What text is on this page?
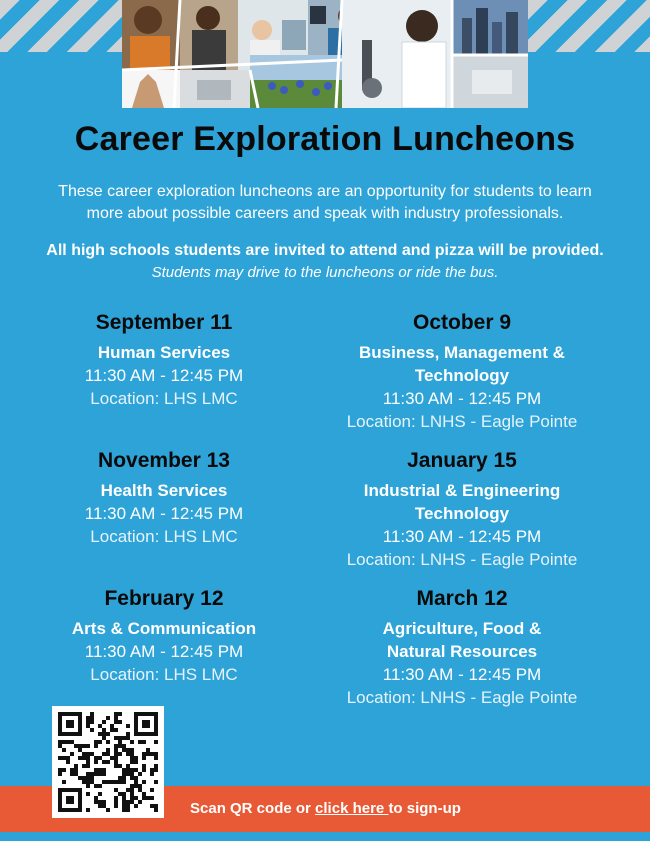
Career Exploration Luncheons
These career exploration luncheons are an opportunity for students to learn more about possible careers and speak with industry professionals.
All high schools students are invited to attend and pizza will be provided.
Students may drive to the luncheons or ride the bus.
September 11
Human Services
11:30 AM - 12:45 PM
Location: LHS LMC
November 13
Health Services
11:30 AM - 12:45 PM
Location: LHS LMC
February 12
Arts & Communication
11:30 AM - 12:45 PM
Location: LHS LMC
October 9
Business, Management & Technology
11:30 AM - 12:45 PM
Location: LNHS - Eagle Pointe
January 15
Industrial & Engineering Technology
11:30 AM - 12:45 PM
Location: LNHS - Eagle Pointe
March 12
Agriculture, Food & Natural Resources
11:30 AM - 12:45 PM
Location: LNHS - Eagle Pointe
Scan QR code or click here to sign-up
